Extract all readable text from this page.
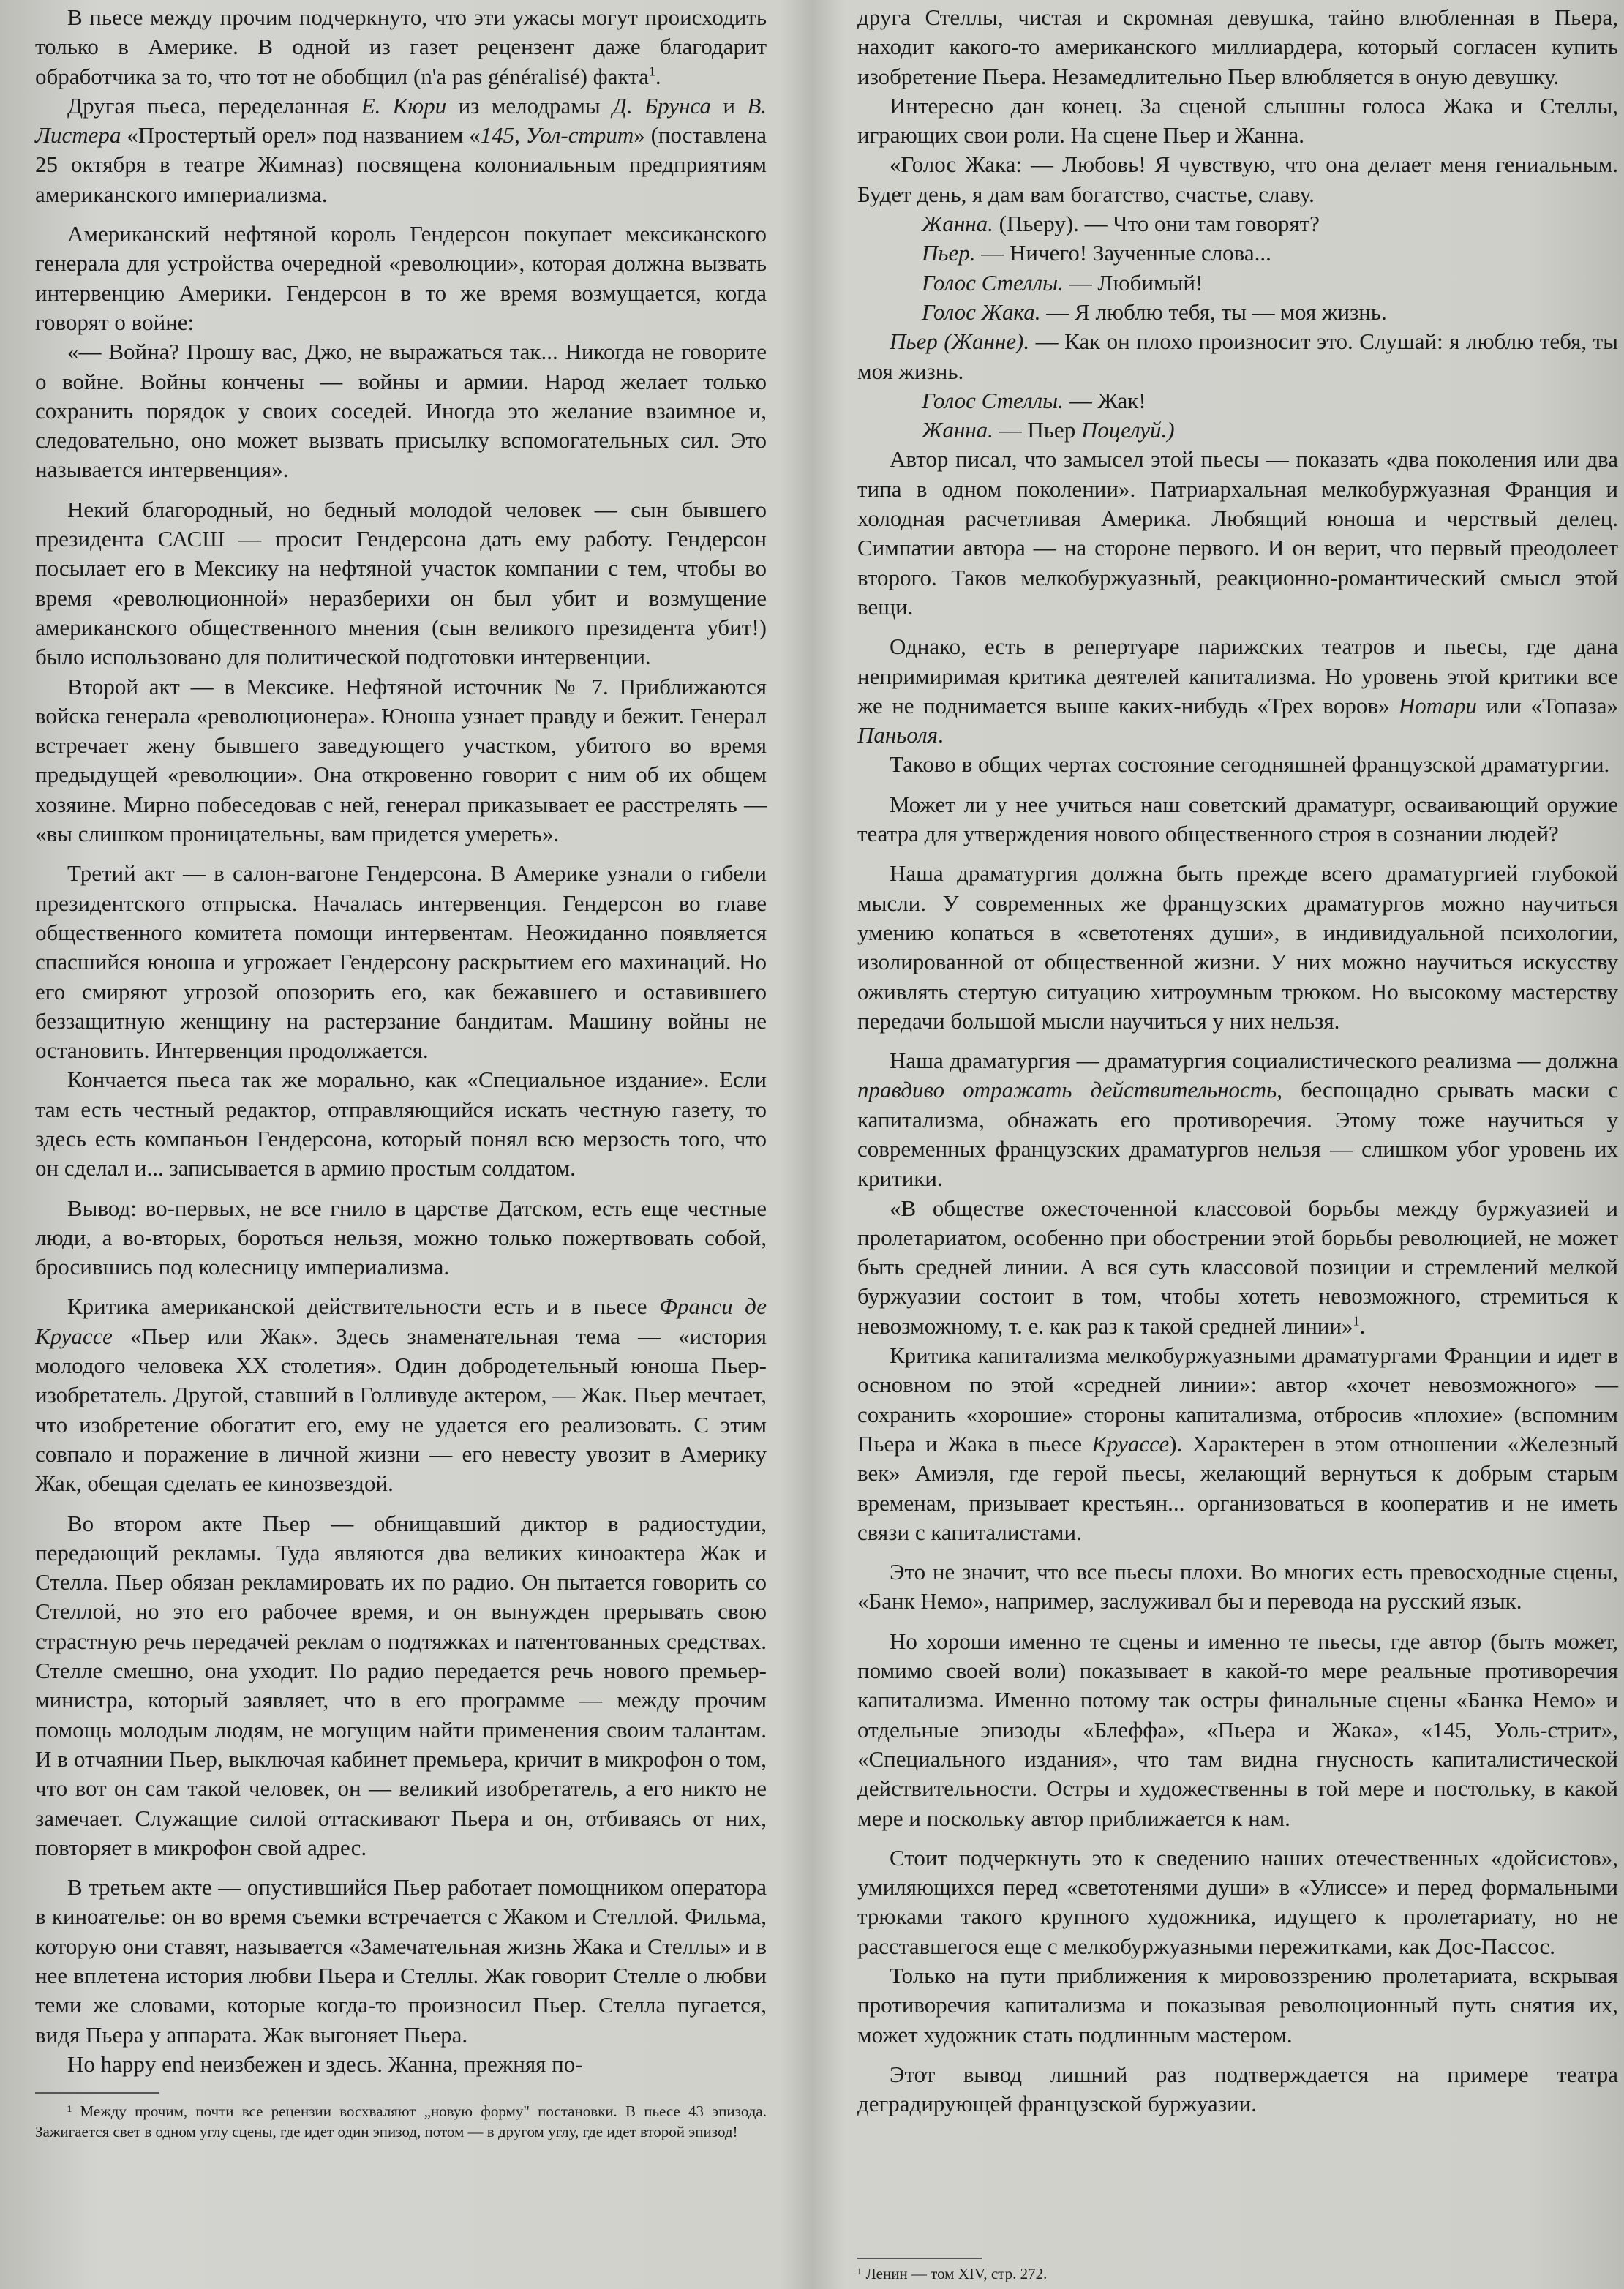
В пьесе между прочим подчеркнуто, что эти ужасы могут происходить только в Америке. В одной из газет рецензент даже благодарит обработчика за то, что тот не обобщил (n'a pas généralisé) факта$^1$.

Другая пьеса, переделанная Е. Кюри из мелодрамы Д. Брунса и В. Листера «Простертый орел» под названием «145, Уол-стрит» (поставлена 25 октября в театре Жимназ) посвящена колониальным предприятиям американского империализма.

Американский нефтяной король Гендерсон покупает мексиканского генерала для устройства очередной «революции», которая должна вызвать интервенцию Америки. Гендерсон в то же время возмущается, когда говорят о войне:

«— Война? Прошу вас, Джо, не выражаться так... Никогда не говорите о войне. Войны кончены — войны и армии. Народ желает только сохранить порядок у своих соседей. Иногда это желание взаимное и, следовательно, оно может вызвать присылку вспомогательных сил. Это называется интервенция».

Некий благородный, но бедный молодой человек — сын бывшего президента САСШ — просит Гендерсона дать ему работу. Гендерсон посылает его в Мексику на нефтяной участок компании с тем, чтобы во время «революционной» неразберихи он был убит и возмущение американского общественного мнения (сын великого президента убит!) было использовано для политической подготовки интервенции.

Второй акт — в Мексике. Нефтяной источник № 7. Приближаются войска генерала «революционера». Юноша узнает правду и бежит. Генерал встречает жену бывшего заведующего участком, убитого во время предыдущей «революции». Она откровенно говорит с ним об их общем хозяине. Мирно побеседовав с ней, генерал приказывает ее расстрелять — «вы слишком проницательны, вам придется умереть».

Третий акт — в салон-вагоне Гендерсона. В Америке узнали о гибели президентского отпрыска. Началась интервенция. Гендерсон во главе общественного комитета помощи интервентам. Неожиданно появляется спасшийся юноша и угрожает Гендерсону раскрытием его махинаций. Но его смиряют угрозой опозорить его, как бежавшего и оставившего беззащитную женщину на растерзание бандитам. Машину войны не остановить. Интервенция продолжается.

Кончается пьеса так же морально, как «Специальное издание». Если там есть честный редактор, отправляющийся искать честную газету, то здесь есть компаньон Гендерсона, который понял всю мерзость того, что он сделал и... записывается в армию простым солдатом.

Вывод: во-первых, не все гнило в царстве Датском, есть еще честные люди, а во-вторых, бороться нельзя, можно только пожертвовать собой, бросившись под колесницу империализма.

Критика американской действительности есть и в пьесе Франси де Круассе «Пьер или Жак». Здесь знаменательная тема — «история молодого человека XX столетия». Один добродетельный юноша Пьер-изобретатель. Другой, ставший в Голливуде актером, — Жак. Пьер мечтает, что изобретение обогатит его, ему не удается его реализовать. С этим совпало и поражение в личной жизни — его невесту увозит в Америку Жак, обещая сделать ее кинозвездой.

Во втором акте Пьер — обнищавший диктор в радиостудии, передающий рекламы. Туда являются два великих киноактера Жак и Стелла. Пьер обязан рекламировать их по радио. Он пытается говорить со Стеллой, но это его рабочее время, и он вынужден прерывать свою страстную речь передачей реклам о подтяжках и патентованных средствах. Стелле смешно, она уходит. По радио передается речь нового премьер-министра, который заявляет, что в его программе — между прочим помощь молодым людям, не могущим найти применения своим талантам. И в отчаянии Пьер, выключая кабинет премьера, кричит в микрофон о том, что вот он сам такой человек, он — великий изобретатель, а его никто не замечает. Служащие силой оттаскивают Пьера и он, отбиваясь от них, повторяет в микрофон свой адрес.

В третьем акте — опустившийся Пьер работает помощником оператора в киноателье: он во время съемки встречается с Жаком и Стеллой. Фильма, которую они ставят, называется «Замечательная жизнь Жака и Стеллы» и в нее вплетена история любви Пьера и Стеллы. Жак говорит Стелле о любви теми же словами, которые когда-то произносил Пьер. Стелла пугается, видя Пьера у аппарата. Жак выгоняет Пьера.

Но happy end неизбежен и здесь. Жанна, прежняя по-

¹ Между прочим, почти все рецензии восхваляют „новую форму" постановки. В пьесе 43 эпизода. Зажигается свет в одном углу сцены, где идет один эпизод, потом — в другом углу, где идет второй эпизод!

друга Стеллы, чистая и скромная девушка, тайно влюбленная в Пьера, находит какого-то американского миллиардера, который согласен купить изобретение Пьера. Незамедлительно Пьер влюбляется в оную девушку.

Интересно дан конец. За сценой слышны голоса Жака и Стеллы, играющих свои роли. На сцене Пьер и Жанна.

«Голос Жака: — Любовь! Я чувствую, что она делает меня гениальным. Будет день, я дам вам богатство, счастье, славу.

Жанна. (Пьеру). — Что они там говорят?

Пьер. — Ничего! Заученные слова...

Голос Стеллы. — Любимый!

Голос Жака. — Я люблю тебя, ты — моя жизнь.

Пьер (Жанне). — Как он плохо произносит это. Слушай: я люблю тебя, ты моя жизнь.

Голос Стеллы. — Жак!

Жанна. — Пьер Поцелуй.)

Автор писал, что замысел этой пьесы — показать «два поколения или два типа в одном поколении». Патриархальная мелкобуржуазная Франция и холодная расчетливая Америка. Любящий юноша и черствый делец. Симпатии автора — на стороне первого. И он верит, что первый преодолеет второго. Таков мелкобуржуазный, реакционно-романтический смысл этой вещи.

Однако, есть в репертуаре парижских театров и пьесы, где дана непримиримая критика деятелей капитализма. Но уровень этой критики все же не поднимается выше каких-нибудь «Трех воров» Нотари или «Топаза» Паньоля.

Таково в общих чертах состояние сегодняшней французской драматургии.

Может ли у нее учиться наш советский драматург, осваивающий оружие театра для утверждения нового общественного строя в сознании людей?

Наша драматургия должна быть прежде всего драматургией глубокой мысли. У современных же французских драматургов можно научиться умению копаться в «светотенях души», в индивидуальной психологии, изолированной от общественной жизни. У них можно научиться искусству оживлять стертую ситуацию хитроумным трюком. Но высокому мастерству передачи большой мысли научиться у них нельзя.

Наша драматургия — драматургия социалистического реализма — должна правдиво отражать действительность, беспощадно срывать маски с капитализма, обнажать его противоречия. Этому тоже научиться у современных французских драматургов нельзя — слишком убог уровень их критики.

«В обществе ожесточенной классовой борьбы между буржуазией и пролетариатом, особенно при обострении этой борьбы революцией, не может быть средней линии. А вся суть классовой позиции и стремлений мелкой буржуазии состоит в том, чтобы хотеть невозможного, стремиться к невозможному, т. е. как раз к такой средней линии»$^1$.

Критика капитализма мелкобуржуазными драматургами Франции и идет в основном по этой «средней линии»: автор «хочет невозможного» — сохранить «хорошие» стороны капитализма, отбросив «плохие» (вспомним Пьера и Жака в пьесе Круассе). Характерен в этом отношении «Железный век» Амиэля, где герой пьесы, желающий вернуться к добрым старым временам, призывает крестьян... организоваться в кооператив и не иметь связи с капиталистами.

Это не значит, что все пьесы плохи. Во многих есть превосходные сцены, «Банк Немо», например, заслуживал бы и перевода на русский язык.

Но хороши именно те сцены и именно те пьесы, где автор (быть может, помимо своей воли) показывает в какой-то мере реальные противоречия капитализма. Именно потому так остры финальные сцены «Банка Немо» и отдельные эпизоды «Блеффа», «Пьера и Жака», «145, Уоль-стрит», «Специального издания», что там видна гнусность капиталистической действительности. Остры и художественны в той мере и постольку, в какой мере и поскольку автор приближается к нам.

Стоит подчеркнуть это к сведению наших отечественных «дойсистов», умиляющихся перед «светотенями души» в «Улиссе» и перед формальными трюками такого крупного художника, идущего к пролетариату, но не расставшегося еще с мелкобуржуазными пережитками, как Дос-Пассос.

Только на пути приближения к мировоззрению пролетариата, вскрывая противоречия капитализма и показывая революционный путь снятия их, может художник стать подлинным мастером.

Этот вывод лишний раз подтверждается на примере театра деградирующей французской буржуазии.

¹ Ленин — том XIV, стр. 272.
